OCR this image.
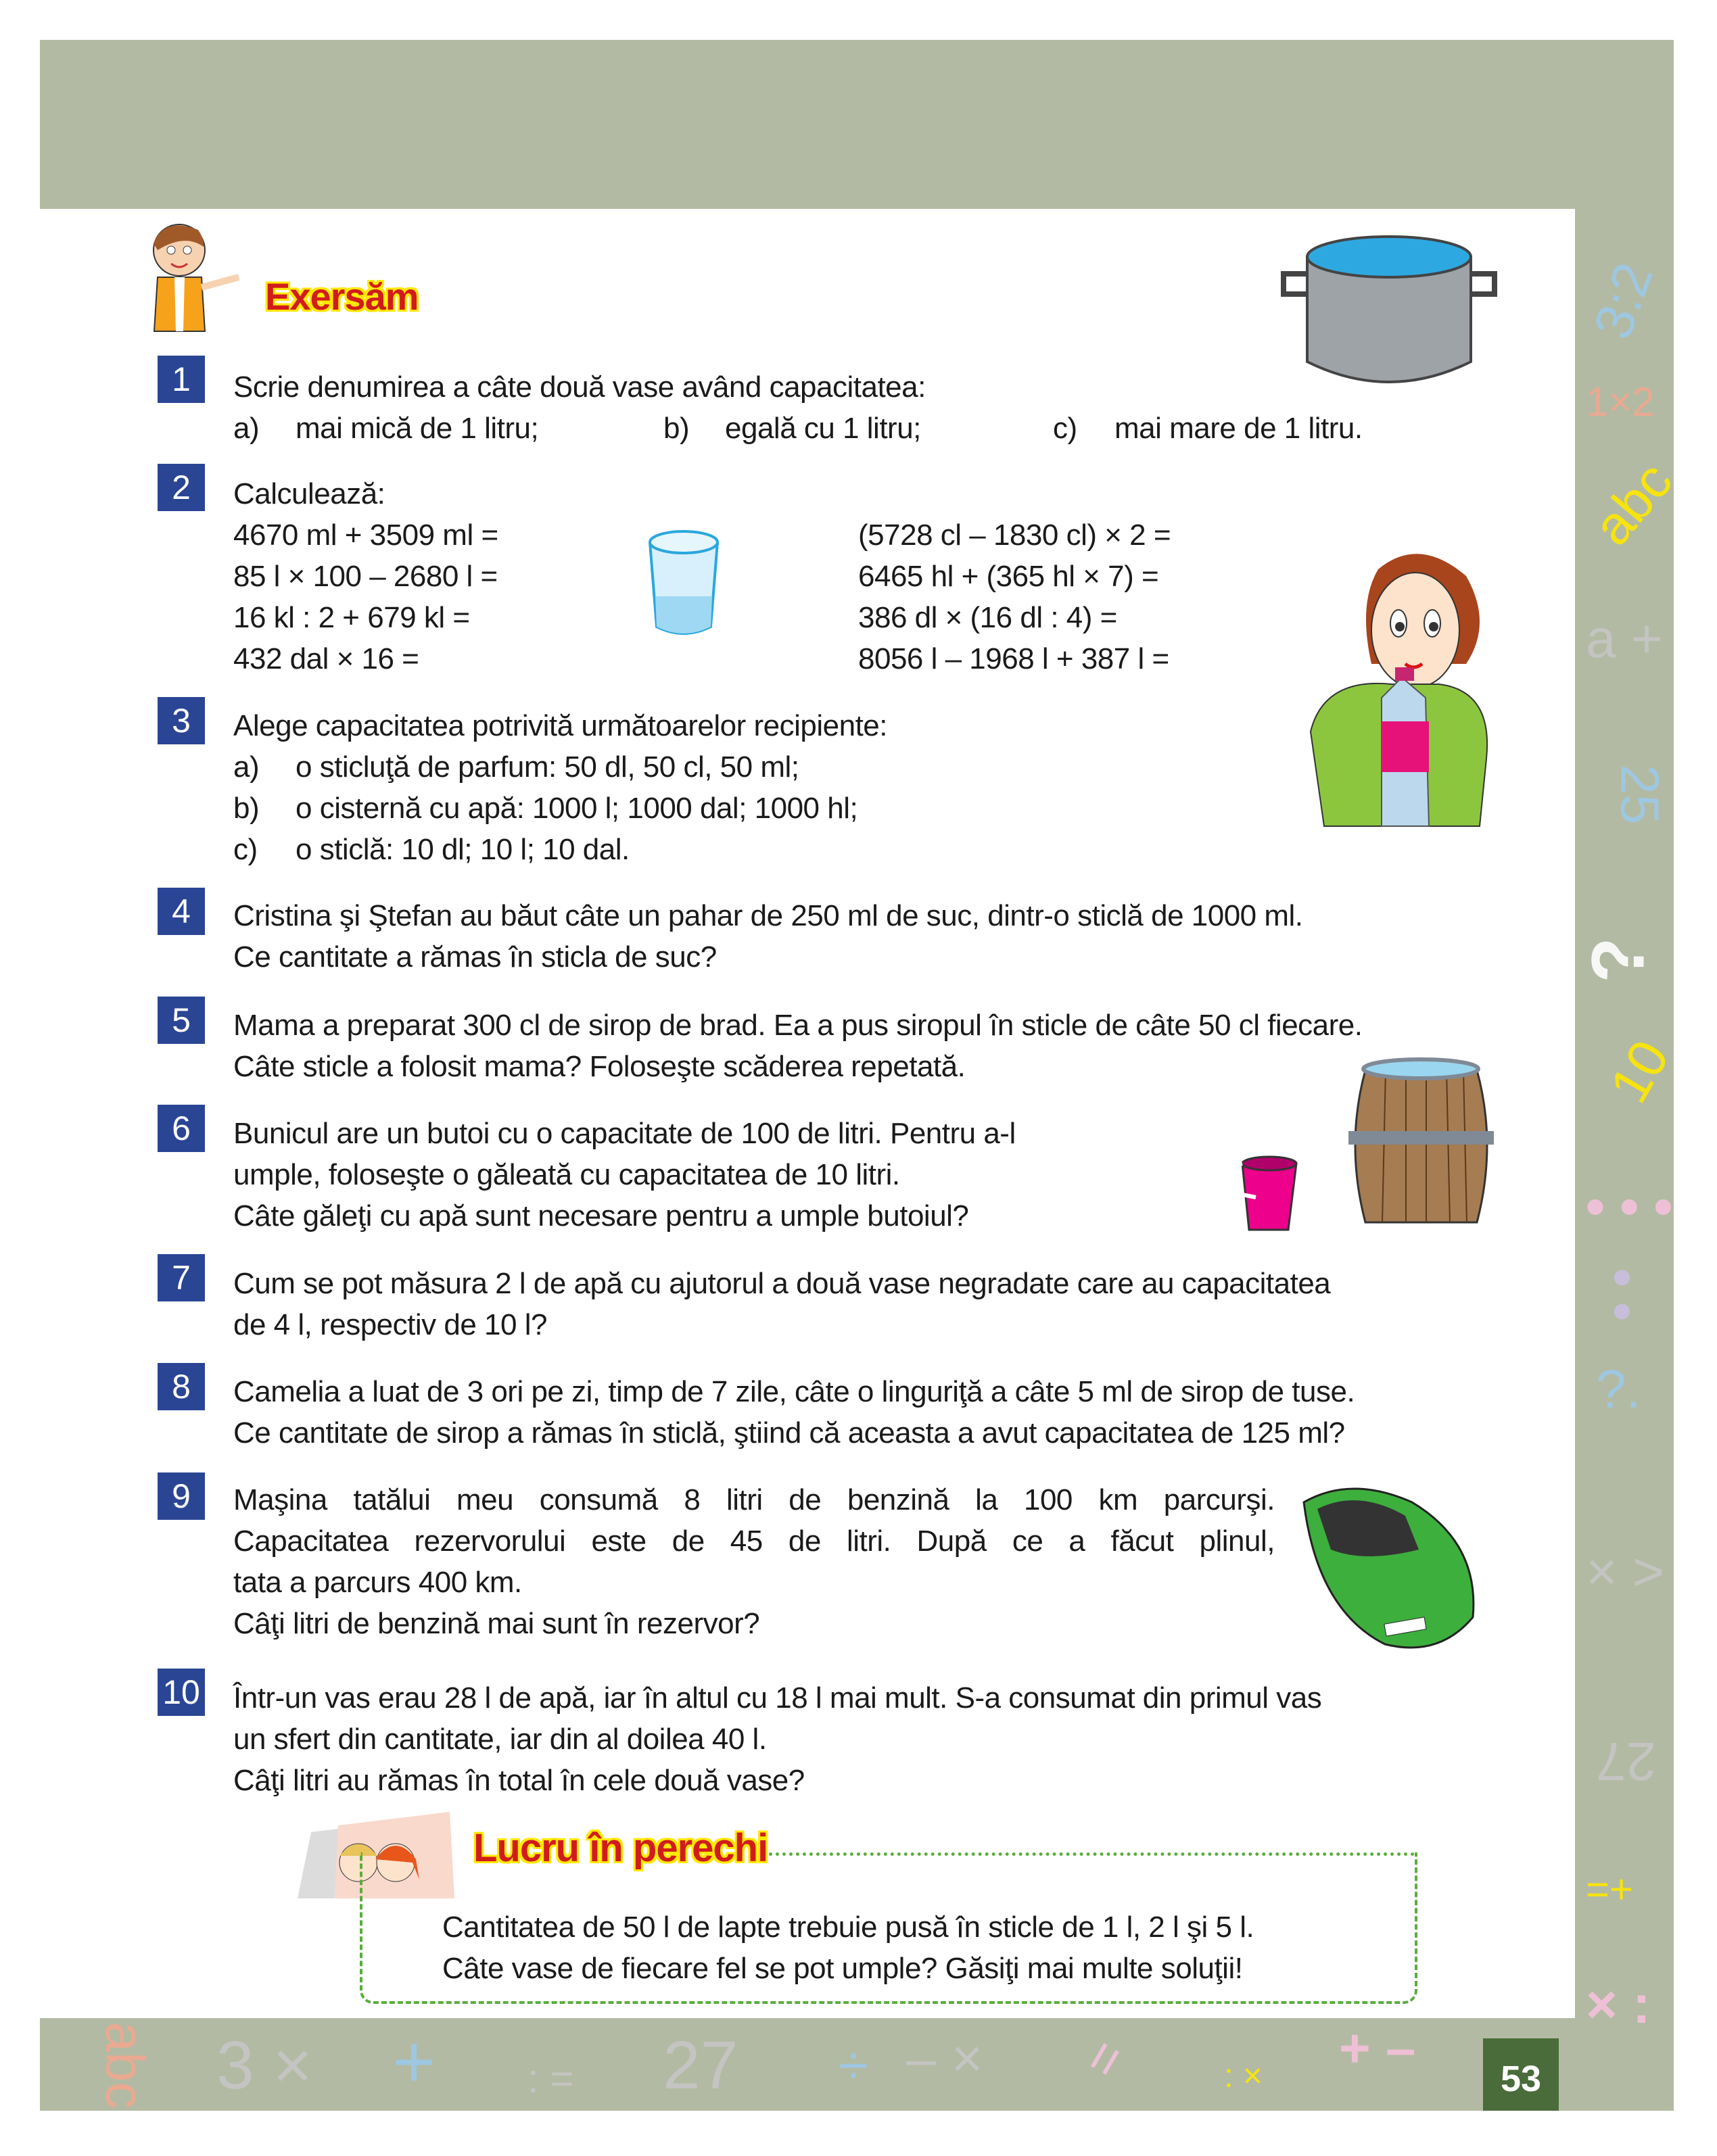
3:2
1×2
abc
a +
25
?
10
• • •
• •
?.
× >
27
=+
× :
abc 3 × + : = 27 ÷ – × =	: × + –
Exersăm
1
2
3
4
5
6
7
8
9
10
Scrie denumirea a câte două vase având capacitatea:
a) mai mică de 1 litru;	b) egală cu 1 litru;	c) mai mare de 1 litru.
Calculează:
4670 ml + 3509 ml =
85 l × 100 – 2680 l =
16 kl : 2 + 679 kl =
432 dal × 16 =
(5728 cl – 1830 cl) × 2 =
6465 hl + (365 hl × 7) =
386 dl × (16 dl : 4) =
8056 l – 1968 l + 387 l =
Alege capacitatea potrivită următoarelor recipiente:
a) o sticluţă de parfum: 50 dl, 50 cl, 50 ml;
b) o cisternă cu apă: 1000 l; 1000 dal; 1000 hl;
c) o sticlă: 10 dl; 10 l; 10 dal.
Cristina şi Ştefan au băut câte un pahar de 250 ml de suc, dintr-o sticlă de 1000 ml.
Ce cantitate a rămas în sticla de suc?
Mama a preparat 300 cl de sirop de brad. Ea a pus siropul în sticle de câte 50 cl fiecare.
Câte sticle a folosit mama? Foloseşte scăderea repetată.
Bunicul are un butoi cu o capacitate de 100 de litri. Pentru a-l
umple, foloseşte o găleată cu capacitatea de 10 litri.
Câte găleţi cu apă sunt necesare pentru a umple butoiul?
Cum se pot măsura 2 l de apă cu ajutorul a două vase negradate care au capacitatea
de 4 l, respectiv de 10 l?
Camelia a luat de 3 ori pe zi, timp de 7 zile, câte o linguriţă a câte 5 ml de sirop de tuse.
Ce cantitate de sirop a rămas în sticlă, ştiind că aceasta a avut capacitatea de 125 ml?
Maşina tatălui meu consumă 8 litri de benzină la 100 km parcurşi.
Capacitatea rezervorului este de 45 de litri. După ce a făcut plinul,
tata a parcurs 400 km.
Câţi litri de benzină mai sunt în rezervor?
Într-un vas erau 28 l de apă, iar în altul cu 18 l mai mult. S-a consumat din primul vas
un sfert din cantitate, iar din al doilea 40 l.
Câţi litri au rămas în total în cele două vase?
Lucru în perechi
Cantitatea de 50 l de lapte trebuie pusă în sticle de 1 l, 2 l şi 5 l.
Câte vase de fiecare fel se pot umple? Găsiţi mai multe soluţii!
53
